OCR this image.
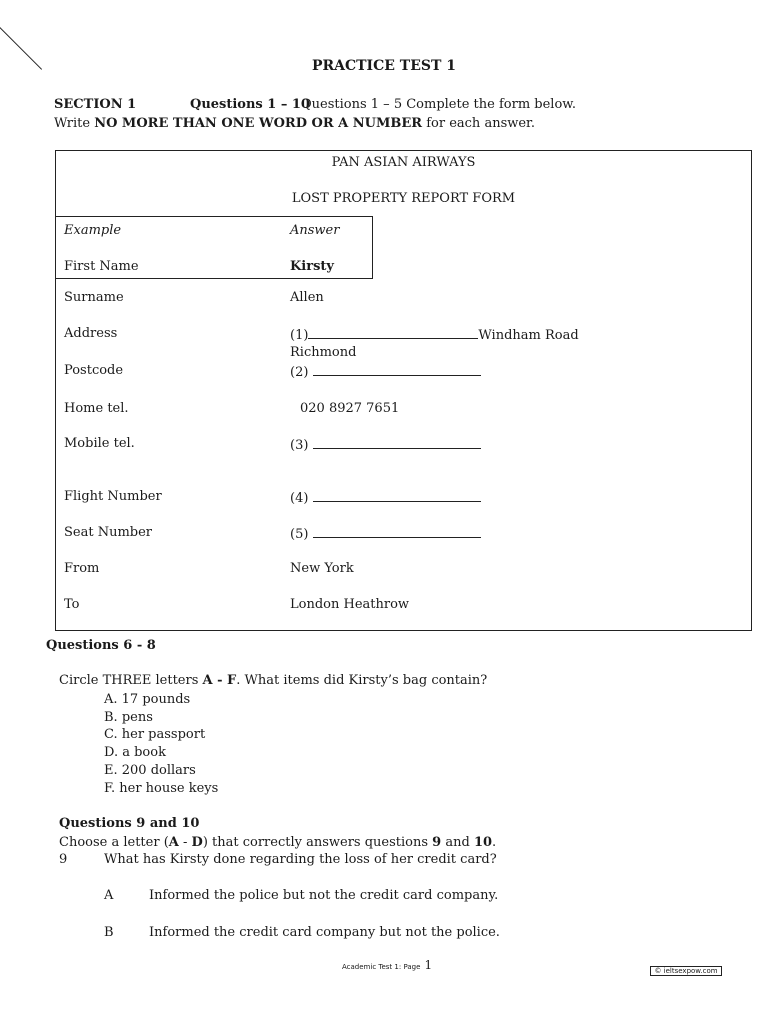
PRACTICE TEST 1
SECTION 1	Questions 1 – 10
Questions 1 – 5 Complete the form below.
Write NO MORE THAN ONE WORD OR A NUMBER for each answer.
PAN ASIAN AIRWAYS
LOST PROPERTY REPORT FORM
Example	Answer
First Name	Kirsty
Surname	Allen
Address	(1)	Windham Road
Richmond
Postcode	(2)
Home tel.	020 8927 7651
Mobile tel.	(3)
Flight Number	(4)
Seat Number	(5)
From	New York
To	London Heathrow
Questions 6 - 8
Circle THREE letters A - F. What items did Kirsty’s bag contain?
A. 17 pounds
B. pens
C. her passport
D. a book
E. 200 dollars
F. her house keys
Questions 9 and 10
Choose a letter (A - D) that correctly answers questions 9 and 10.
9	What has Kirsty done regarding the loss of her credit card?
A	Informed the police but not the credit card company.
B	Informed the credit card company but not the police.
Academic Test 1: Page 1	© ieltsexpow.com
